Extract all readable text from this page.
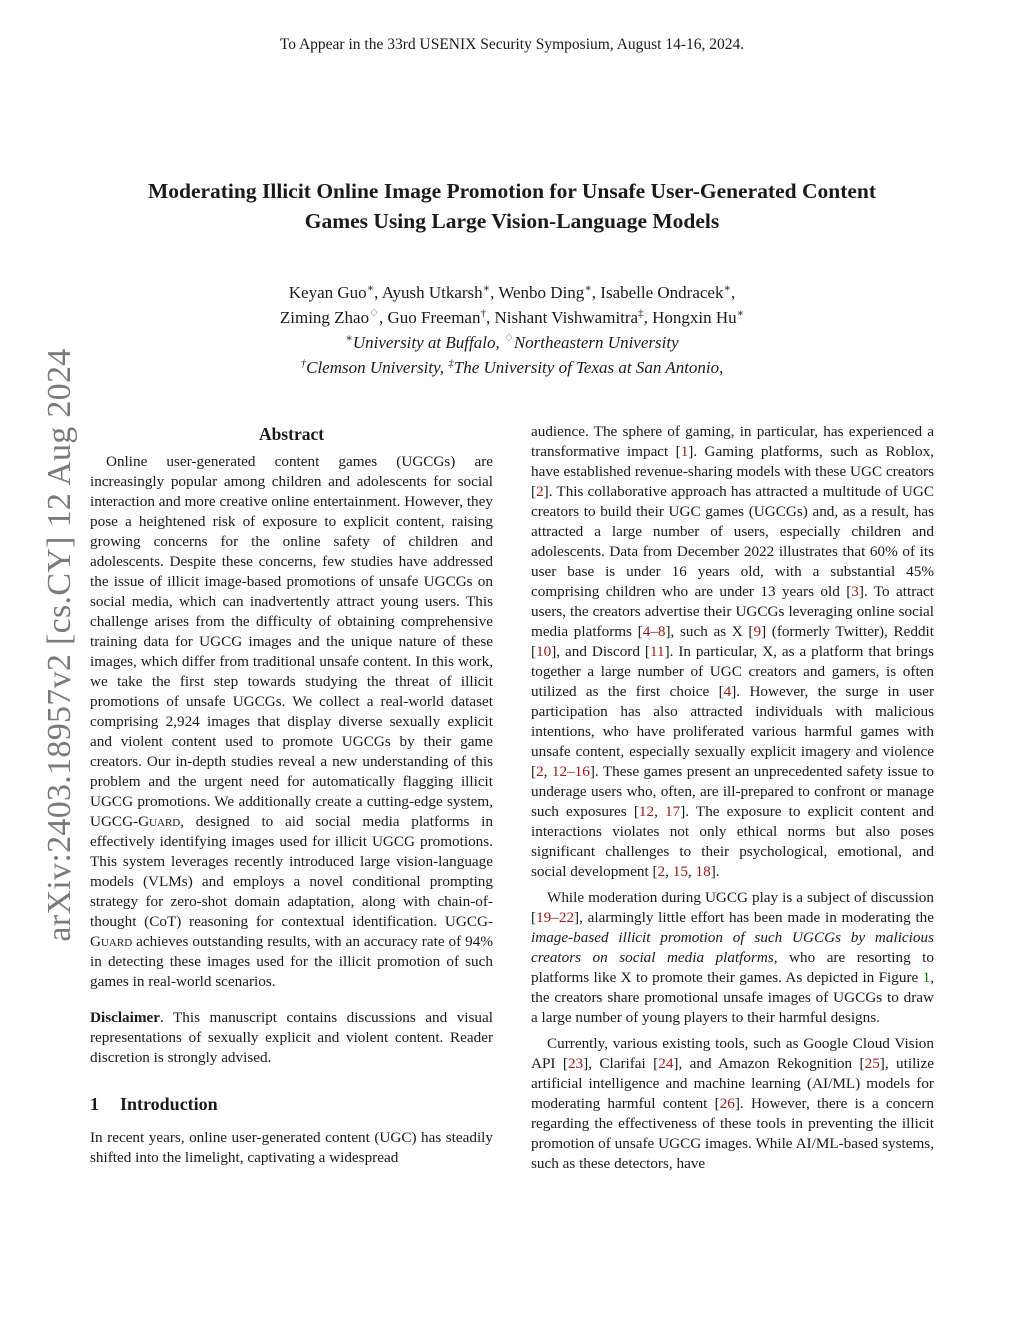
To Appear in the 33rd USENIX Security Symposium, August 14-16, 2024.
Moderating Illicit Online Image Promotion for Unsafe User-Generated Content
Games Using Large Vision-Language Models
Keyan Guo∗, Ayush Utkarsh∗, Wenbo Ding∗, Isabelle Ondracek∗,
Ziming Zhao♢, Guo Freeman†, Nishant Vishwamitra‡, Hongxin Hu∗
∗University at Buffalo, ♢Northeastern University
†Clemson University, ‡The University of Texas at San Antonio,
arXiv:2403.18957v2 [cs.CY] 12 Aug 2024	Abstract

Online user-generated content games (UGCGs) are increasingly popular among children and adolescents for social interaction and more creative online entertainment. However, they pose a heightened risk of exposure to explicit content, raising growing concerns for the online safety of children and adolescents. Despite these concerns, few studies have addressed the issue of illicit image-based promotions of unsafe UGCGs on social media, which can inadvertently attract young users. This challenge arises from the difficulty of obtaining comprehensive training data for UGCG images and the unique nature of these images, which differ from traditional unsafe content. In this work, we take the first step towards studying the threat of illicit promotions of unsafe UGCGs. We collect a real-world dataset comprising 2,924 images that display diverse sexually explicit and violent content used to promote UGCGs by their game creators. Our in-depth studies reveal a new understanding of this problem and the urgent need for automatically flagging illicit UGCG promotions. We additionally create a cutting-edge system, UGCG-Guard, designed to aid social media platforms in effectively identifying images used for illicit UGCG promotions. This system leverages recently introduced large vision-language models (VLMs) and employs a novel conditional prompting strategy for zero-shot domain adaptation, along with chain-of-thought (CoT) reasoning for contextual identification. UGCG-Guard achieves outstanding results, with an accuracy rate of 94% in detecting these images used for the illicit promotion of such games in real-world scenarios.

Disclaimer. This manuscript contains discussions and visual representations of sexually explicit and violent content. Reader discretion is strongly advised.

1 Introduction

In recent years, online user-generated content (UGC) has steadily shifted into the limelight, captivating a widespread

audience. The sphere of gaming, in particular, has experienced a transformative impact [1]. Gaming platforms, such as Roblox, have established revenue-sharing models with these UGC creators [2]. This collaborative approach has attracted a multitude of UGC creators to build their UGC games (UGCGs) and, as a result, has attracted a large number of users, especially children and adolescents. Data from December 2022 illustrates that 60% of its user base is under 16 years old, with a substantial 45% comprising children who are under 13 years old [3]. To attract users, the creators advertise their UGCGs leveraging online social media platforms [4–8], such as X [9] (formerly Twitter), Reddit [10], and Discord [11]. In particular, X, as a platform that brings together a large number of UGC creators and gamers, is often utilized as the first choice [4]. However, the surge in user participation has also attracted individuals with malicious intentions, who have proliferated various harmful games with unsafe content, especially sexually explicit imagery and violence [2, 12–16]. These games present an unprecedented safety issue to underage users who, often, are ill-prepared to confront or manage such exposures [12, 17]. The exposure to explicit content and interactions violates not only ethical norms but also poses significant challenges to their psychological, emotional, and social development [2, 15, 18].

While moderation during UGCG play is a subject of discussion [19–22], alarmingly little effort has been made in moderating the image-based illicit promotion of such UGCGs by malicious creators on social media platforms, who are resorting to platforms like X to promote their games. As depicted in Figure 1, the creators share promotional unsafe images of UGCGs to draw a large number of young players to their harmful designs.

Currently, various existing tools, such as Google Cloud Vision API [23], Clarifai [24], and Amazon Rekognition [25], utilize artificial intelligence and machine learning (AI/ML) models for moderating harmful content [26]. However, there is a concern regarding the effectiveness of these tools in preventing the illicit promotion of unsafe UGCG images. While AI/ML-based systems, such as these detectors, have
